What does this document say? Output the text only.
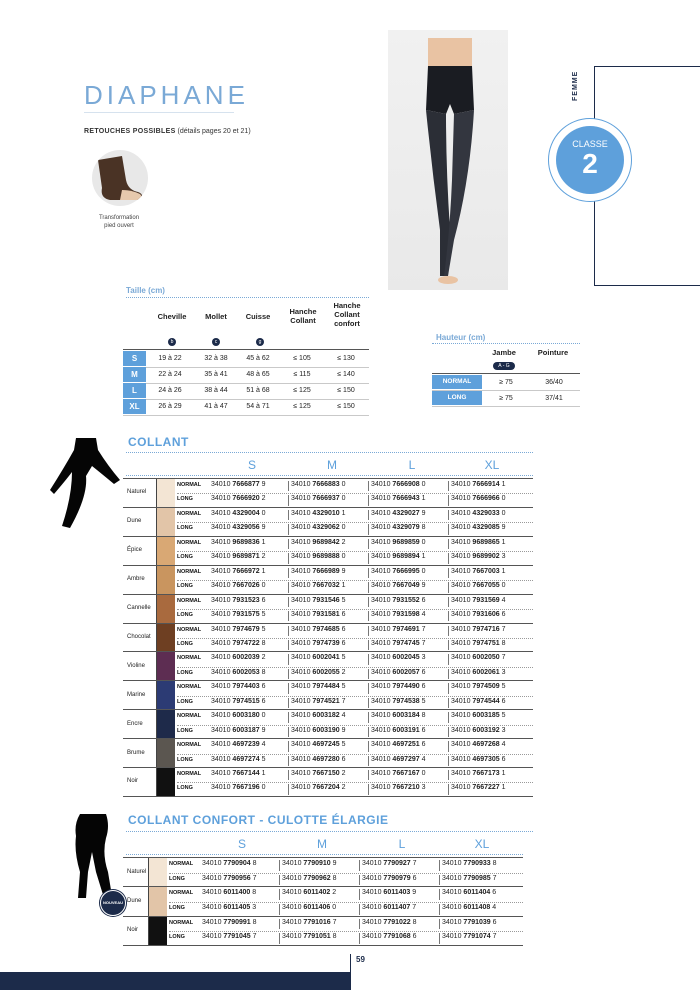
DIAPHANE
RETOUCHES POSSIBLES (détails pages 20 et 21)
Transformation
pied ouvert
FEMME
CLASSE
2
Taille (cm)
Cheville	Mollet	Cuisse
Hanche Collant
Hanche Collant confort
b	c	g
S	19 à 22	32 à 38	45 à 62	≤ 105	≤ 130
M	22 à 24	35 à 41	48 à 65	≤ 115	≤ 140
L	24 à 26	38 à 44	51 à 68	≤ 125	≤ 150
XL	26 à 29	41 à 47	54 à 71	≤ 125	≤ 150
Hauteur (cm)
Jambe	Pointure
A - G
NORMAL	≥ 75	36/40
LONG	≥ 75	37/41
COLLANT
S	M	L	XL
Naturel
NORMAL 34010 7666877 9	34010 7666883 0	34010 7666908 0	34010 7666914 1
LONG	34010 7666920 2	34010 7666937 0	34010 7666943 1	34010 7666966 0
Dune
NORMAL 34010 4329004 0	34010 4329010 1	34010 4329027 9	34010 4329033 0
LONG	34010 4329056 9	34010 4329062 0	34010 4329079 8	34010 4329085 9
Épice
NORMAL 34010 9689836 1	34010 9689842 2	34010 9689859 0	34010 9689865 1
LONG	34010 9689871 2	34010 9689888 0	34010 9689894 1	34010 9689902 3
Ambre
NORMAL 34010 7666972 1	34010 7666989 9	34010 7666995 0	34010 7667003 1
LONG	34010 7667026 0	34010 7667032 1	34010 7667049 9	34010 7667055 0
Cannelle
NORMAL 34010 7931523 6	34010 7931546 5	34010 7931552 6	34010 7931569 4
LONG	34010 7931575 5	34010 7931581 6	34010 7931598 4	34010 7931606 6
Chocolat
NORMAL 34010 7974679 5	34010 7974685 6	34010 7974691 7	34010 7974716 7
LONG	34010 7974722 8	34010 7974739 6	34010 7974745 7	34010 7974751 8
Violine
NORMAL 34010 6002039 2	34010 6002041 5	34010 6002045 3	34010 6002050 7
LONG	34010 6002053 8	34010 6002055 2	34010 6002057 6	34010 6002061 3
Marine
NORMAL 34010 7974403 6	34010 7974484 5	34010 7974490 6	34010 7974509 5
LONG	34010 7974515 6	34010 7974521 7	34010 7974538 5	34010 7974544 6
Encre
NORMAL 34010 6003180 0	34010 6003182 4	34010 6003184 8	34010 6003185 5
LONG	34010 6003187 9	34010 6003190 9	34010 6003191 6	34010 6003192 3
Brume
NORMAL 34010 4697239 4	34010 4697245 5	34010 4697251 6	34010 4697268 4
LONG	34010 4697274 5	34010 4697280 6	34010 4697297 4	34010 4697305 6
Noir
NORMAL 34010 7667144 1	34010 7667150 2	34010 7667167 0	34010 7667173 1
LONG	34010 7667196 0	34010 7667204 2	34010 7667210 3	34010 7667227 1
COLLANT CONFORT - CULOTTE ÉLARGIE
S	M	L	XL
Naturel
NORMAL 34010 7790904 8	34010 7790910 9	34010 7790927 7	34010 7790933 8
LONG 34010 7790956 7	34010 7790962 8	34010 7790979 6	34010 7790985 7
Dune
NORMAL 34010 6011400 8	34010 6011402 2	34010 6011403 9	34010 6011404 6
LONG 34010 6011405 3	34010 6011406 0	34010 6011407 7	34010 6011408 4
Noir
NORMAL 34010 7790991 8	34010 7791016 7	34010 7791022 8	34010 7791039 6
LONG 34010 7791045 7	34010 7791051 8	34010 7791068 6	34010 7791074 7
NOUVEAU
59
